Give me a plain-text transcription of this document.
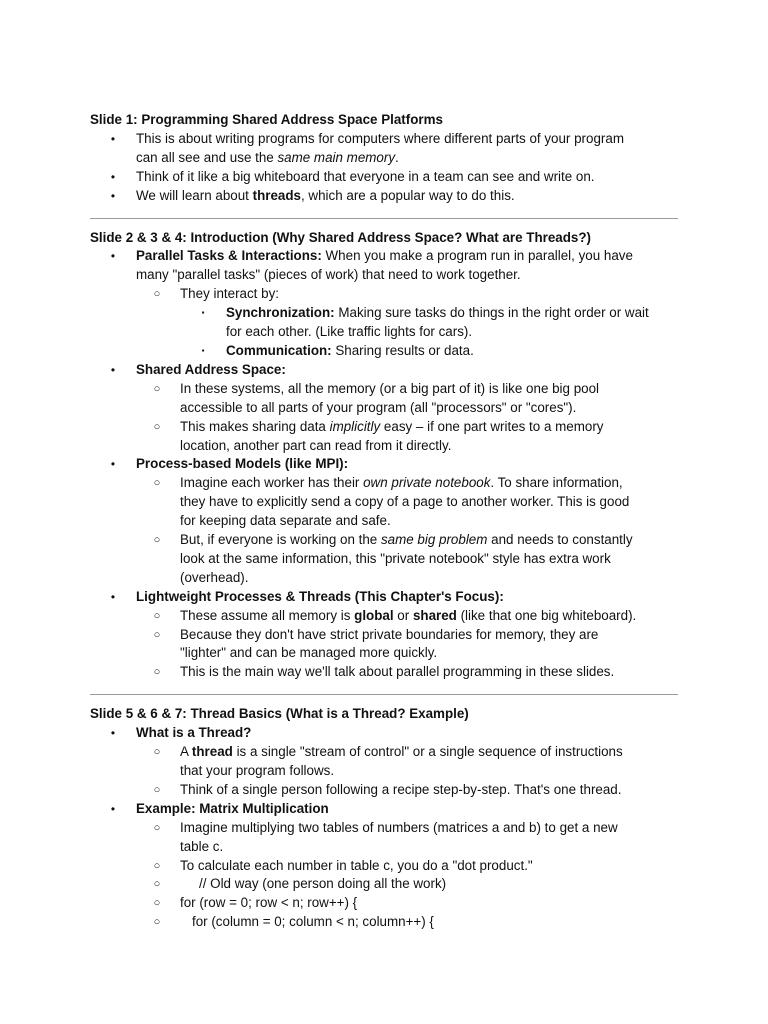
Slide 1: Programming Shared Address Space Platforms
• This is about writing programs for computers where different parts of your program
can all see and use the same main memory.
• Think of it like a big whiteboard that everyone in a team can see and write on.
• We will learn about threads, which are a popular way to do this.
Slide 2 & 3 & 4: Introduction (Why Shared Address Space? What are Threads?)
• Parallel Tasks & Interactions: When you make a program run in parallel, you have
many "parallel tasks" (pieces of work) that need to work together.
○ They interact by:
▪ Synchronization: Making sure tasks do things in the right order or wait
for each other. (Like traffic lights for cars).
▪ Communication: Sharing results or data.
• Shared Address Space:
○ In these systems, all the memory (or a big part of it) is like one big pool
accessible to all parts of your program (all "processors" or "cores").
○ This makes sharing data implicitly easy – if one part writes to a memory
location, another part can read from it directly.
• Process-based Models (like MPI):
○ Imagine each worker has their own private notebook. To share information,
they have to explicitly send a copy of a page to another worker. This is good
for keeping data separate and safe.
○ But, if everyone is working on the same big problem and needs to constantly
look at the same information, this "private notebook" style has extra work
(overhead).
• Lightweight Processes & Threads (This Chapter's Focus):
○ These assume all memory is global or shared (like that one big whiteboard).
○ Because they don't have strict private boundaries for memory, they are
"lighter" and can be managed more quickly.
○ This is the main way we'll talk about parallel programming in these slides.
Slide 5 & 6 & 7: Thread Basics (What is a Thread? Example)
• What is a Thread?
○ A thread is a single "stream of control" or a single sequence of instructions
that your program follows.
○ Think of a single person following a recipe step-by-step. That's one thread.
• Example: Matrix Multiplication
○ Imagine multiplying two tables of numbers (matrices a and b) to get a new
table c.
○ To calculate each number in table c, you do a "dot product."
○	// Old way (one person doing all the work)
○ for (row = 0; row < n; row++) {
○	for (column = 0; column < n; column++) {
